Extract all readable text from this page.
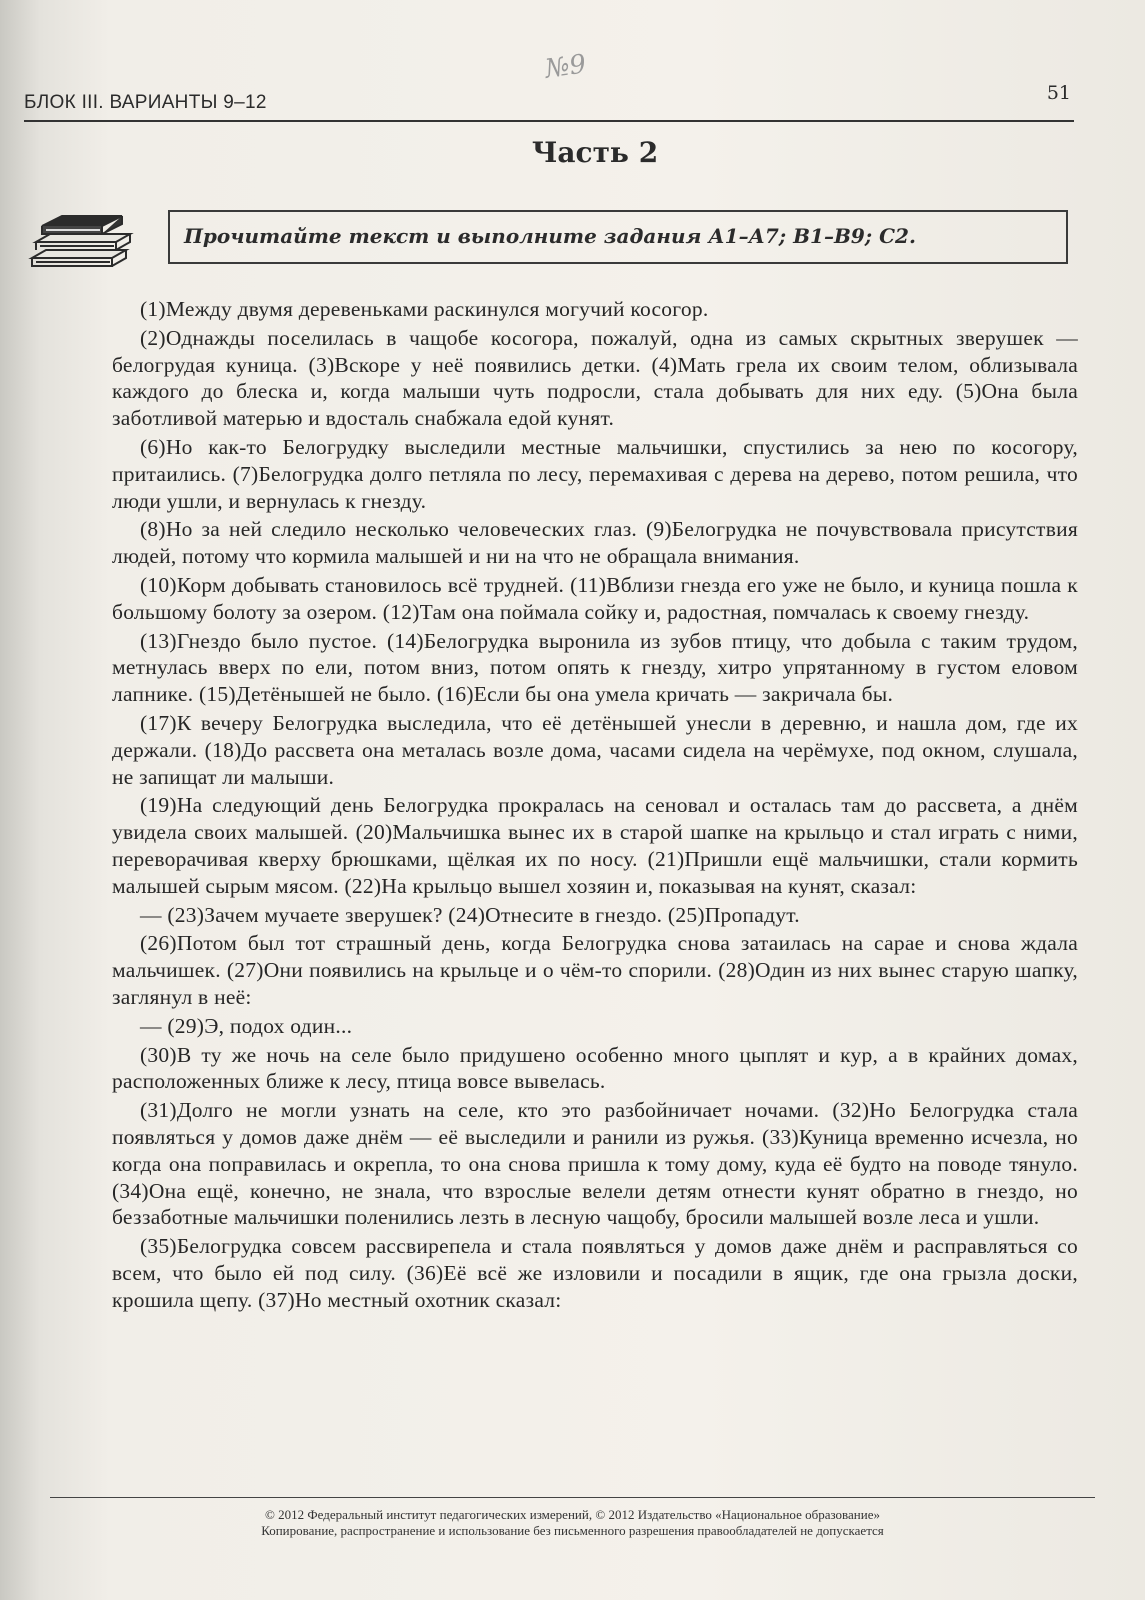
№9
БЛОК III. ВАРИАНТЫ 9–12	51
Часть 2
Прочитайте текст и выполните задания А1–А7; В1–В9; С2.

(1)Между двумя деревеньками раскинулся могучий косогор.

(2)Однажды поселилась в чащобе косогора, пожалуй, одна из самых скрытных зверушек — белогрудая куница. (3)Вскоре у неё появились детки. (4)Мать грела их своим телом, облизывала каждого до блеска и, когда малыши чуть подросли, стала добывать для них еду. (5)Она была заботливой матерью и вдосталь снабжала едой кунят.

(6)Но как-то Белогрудку выследили местные мальчишки, спустились за нею по косогору, притаились. (7)Белогрудка долго петляла по лесу, перемахивая с дерева на дерево, потом решила, что люди ушли, и вернулась к гнезду.

(8)Но за ней следило несколько человеческих глаз. (9)Белогрудка не почувствовала присутствия людей, потому что кормила малышей и ни на что не обращала внимания.

(10)Корм добывать становилось всё трудней. (11)Вблизи гнезда его уже не было, и куница пошла к большому болоту за озером. (12)Там она поймала сойку и, радостная, помчалась к своему гнезду.

(13)Гнездо было пустое. (14)Белогрудка выронила из зубов птицу, что добыла с таким трудом, метнулась вверх по ели, потом вниз, потом опять к гнезду, хитро упрятанному в густом еловом лапнике. (15)Детёнышей не было. (16)Если бы она умела кричать — закричала бы.

(17)К вечеру Белогрудка выследила, что её детёнышей унесли в деревню, и нашла дом, где их держали. (18)До рассвета она металась возле дома, часами сидела на черёмухе, под окном, слушала, не запищат ли малыши.

(19)На следующий день Белогрудка прокралась на сеновал и осталась там до рассвета, а днём увидела своих малышей. (20)Мальчишка вынес их в старой шапке на крыльцо и стал играть с ними, переворачивая кверху брюшками, щёлкая их по носу. (21)Пришли ещё мальчишки, стали кормить малышей сырым мясом. (22)На крыльцо вышел хозяин и, показывая на кунят, сказал:

— (23)Зачем мучаете зверушек? (24)Отнесите в гнездо. (25)Пропадут.

(26)Потом был тот страшный день, когда Белогрудка снова затаилась на сарае и снова ждала мальчишек. (27)Они появились на крыльце и о чём-то спорили. (28)Один из них вынес старую шапку, заглянул в неё:

— (29)Э, подох один...

(30)В ту же ночь на селе было придушено особенно много цыплят и кур, а в крайних домах, расположенных ближе к лесу, птица вовсе вывелась.

(31)Долго не могли узнать на селе, кто это разбойничает ночами. (32)Но Белогрудка стала появляться у домов даже днём — её выследили и ранили из ружья. (33)Куница временно исчезла, но когда она поправилась и окрепла, то она снова пришла к тому дому, куда её будто на поводе тянуло. (34)Она ещё, конечно, не знала, что взрослые велели детям отнести кунят обратно в гнездо, но беззаботные мальчишки поленились лезть в лесную чащобу, бросили малышей возле леса и ушли.

(35)Белогрудка совсем рассвирепела и стала появляться у домов даже днём и расправляться со всем, что было ей под силу. (36)Её всё же изловили и посадили в ящик, где она грызла доски, крошила щепу. (37)Но местный охотник сказал:

© 2012 Федеральный институт педагогических измерений, © 2012 Издательство «Национальное образование»
Копирование, распространение и использование без письменного разрешения правообладателей не допускается
